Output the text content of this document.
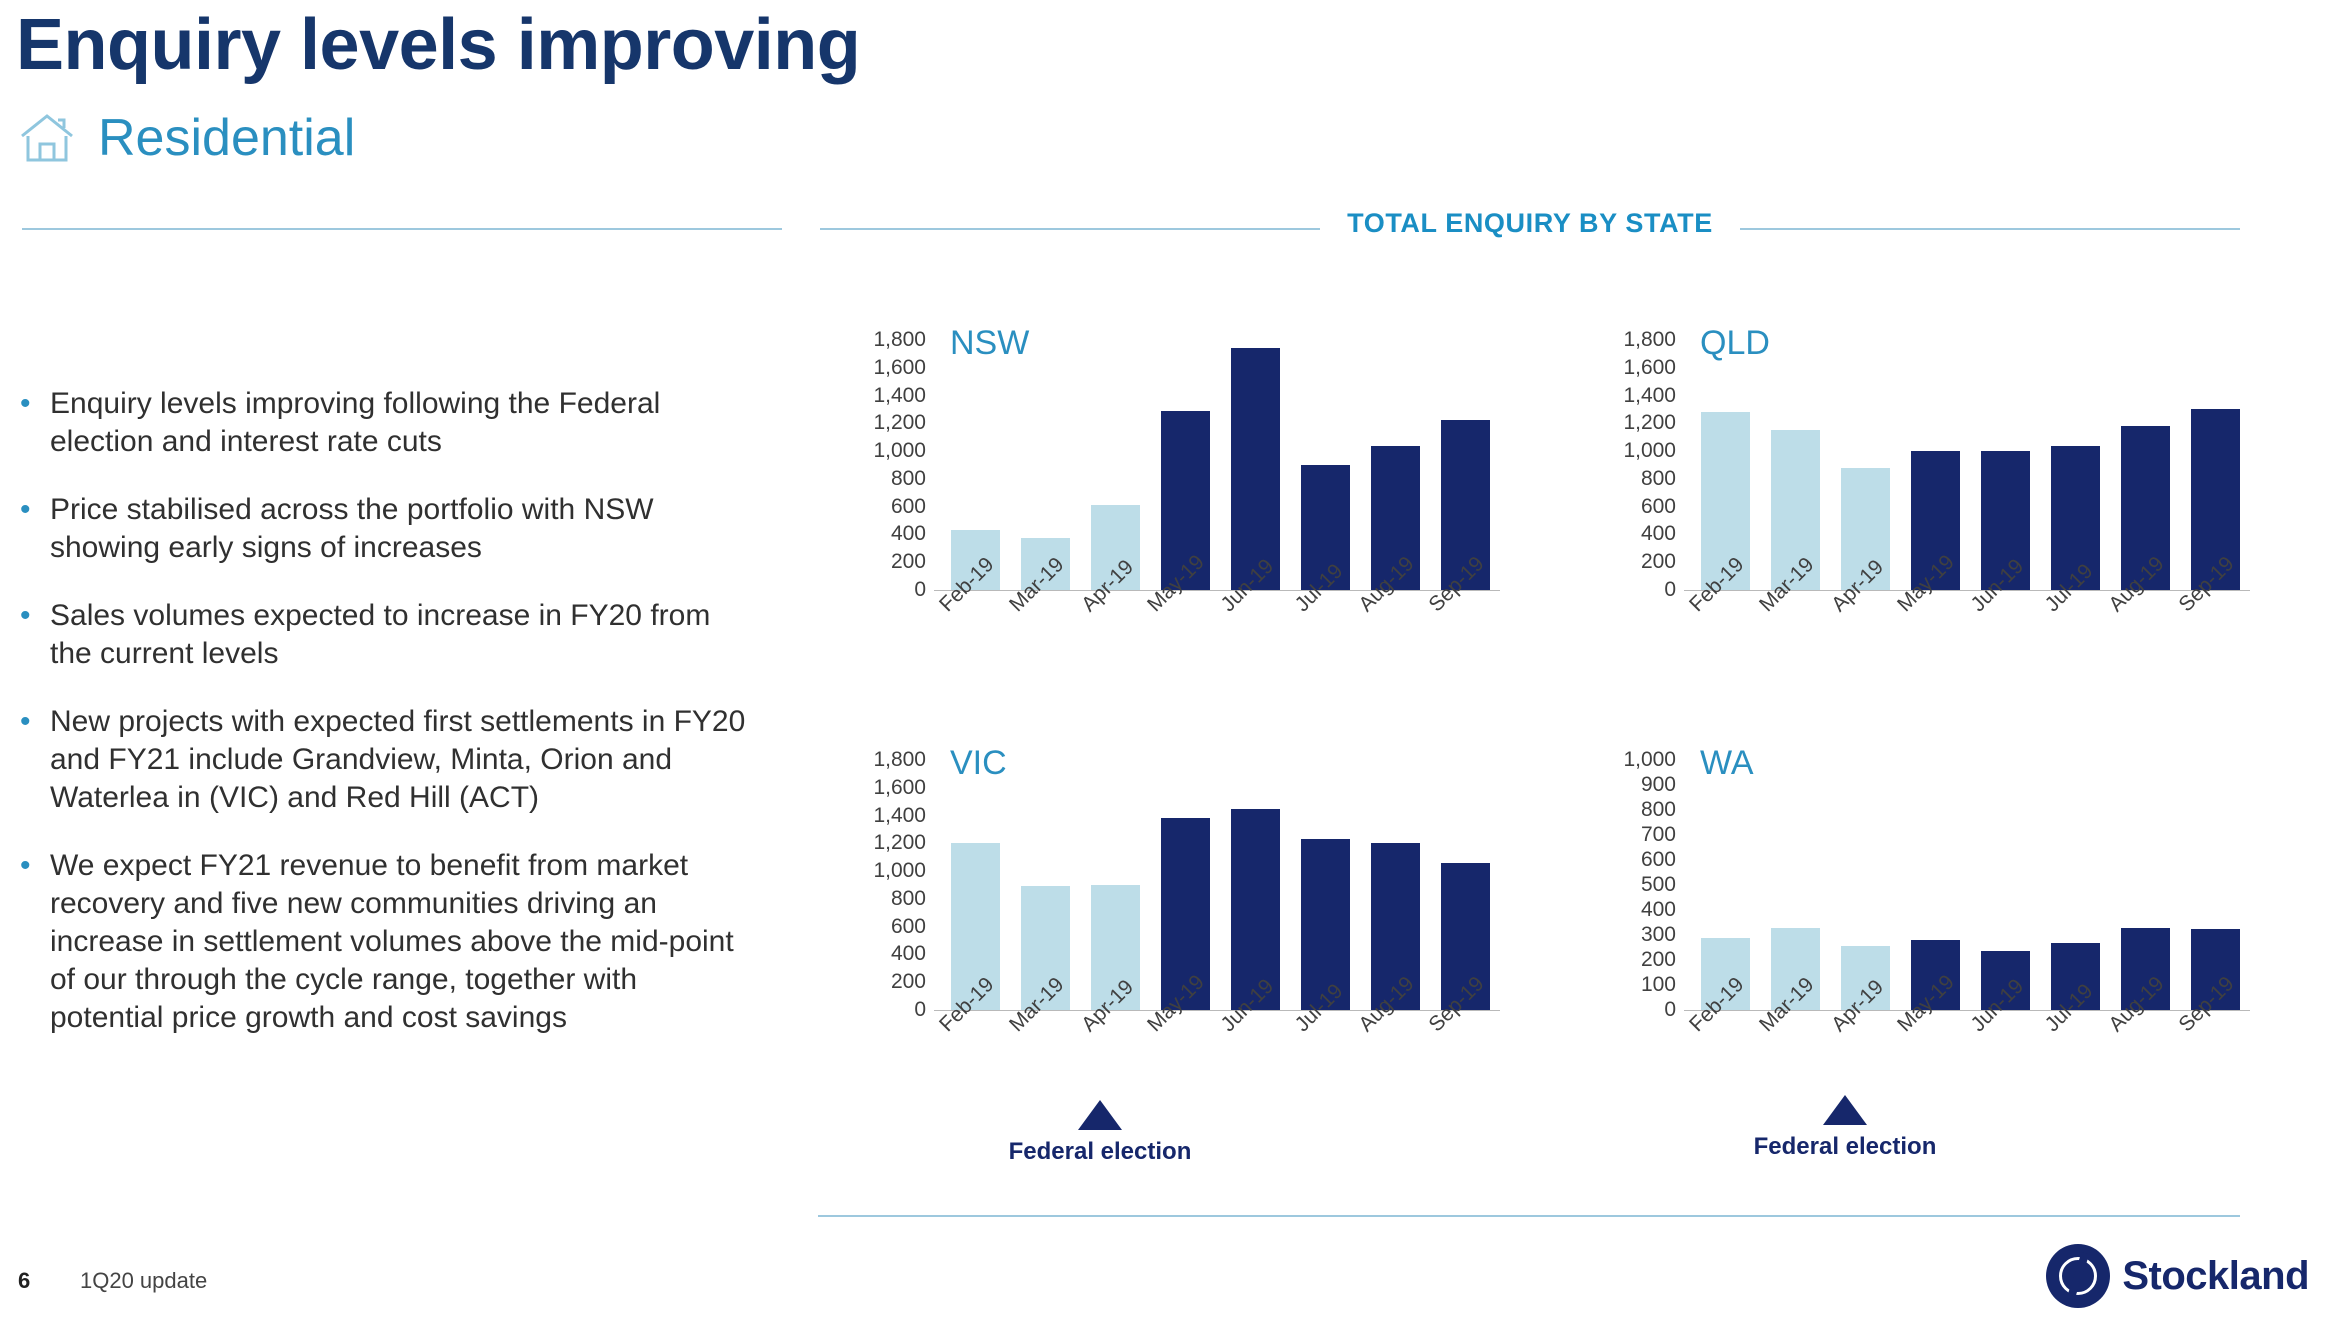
Enquiry levels improving
Residential
TOTAL ENQUIRY BY STATE
• Enquiry levels improving following the Federal election and interest rate cuts
• Price stabilised across the portfolio with NSW showing early signs of increases
• Sales volumes expected to increase in FY20 from the current levels
• New projects with expected first settlements in FY20 and FY21 include Grandview, Minta, Orion and Waterlea in (VIC) and Red Hill (ACT)
• We expect FY21 revenue to benefit from market recovery and five new communities driving an increase in settlement volumes above the mid-point of our through the cycle range, together with potential price growth and cost savings
NSW
0
200
400
600
800
1,000
1,200
1,400
1,600
1,800
Feb-19 Mar-19 Apr-19 May-19 Jun-19 Jul-19 Aug-19 Sep-19
QLD
0
200
400
600
800
1,000
1,200
1,400
1,600
1,800
Feb-19 Mar-19 Apr-19 May-19 Jun-19 Jul-19 Aug-19 Sep-19
VIC
0
200
400
600
800
1,000
1,200
1,400
1,600
1,800
Feb-19 Mar-19 Apr-19 May-19 Jun-19 Jul-19 Aug-19 Sep-19
WA
0
100
200
300
400
500
600
700
800
900
1,000
Feb-19 Mar-19 Apr-19 May-19 Jun-19 Jul-19 Aug-19 Sep-19
Federal election	Federal election
6 1Q20 update	Stockland
